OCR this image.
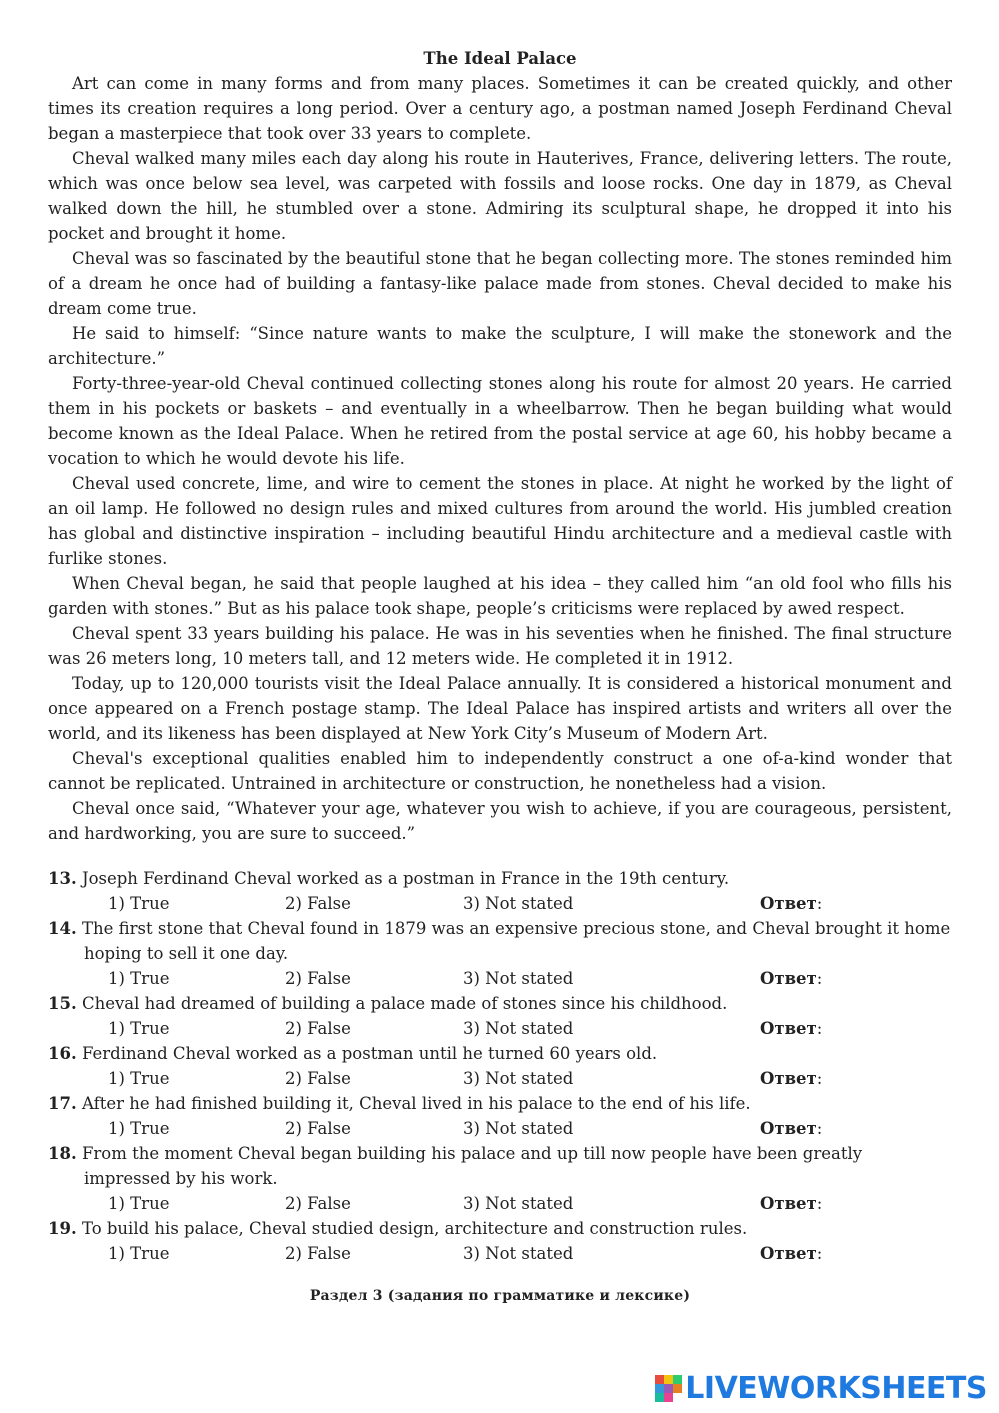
The Ideal Palace

Art can come in many forms and from many places. Sometimes it can be created quickly, and other times its creation requires a long period. Over a century ago, a postman named Joseph Ferdinand Cheval began a masterpiece that took over 33 years to complete.

Cheval walked many miles each day along his route in Hauterives, France, delivering letters. The route, which was once below sea level, was carpeted with fossils and loose rocks. One day in 1879, as Cheval walked down the hill, he stumbled over a stone. Admiring its sculptural shape, he dropped it into his pocket and brought it home.

Cheval was so fascinated by the beautiful stone that he began collecting more. The stones reminded him of a dream he once had of building a fantasy-like palace made from stones. Cheval decided to make his dream come true.

He said to himself: “Since nature wants to make the sculpture, I will make the stonework and the architecture.”

Forty-three-year-old Cheval continued collecting stones along his route for almost 20 years. He carried them in his pockets or baskets – and eventually in a wheelbarrow. Then he began building what would become known as the Ideal Palace. When he retired from the postal service at age 60, his hobby became a vocation to which he would devote his life.

Cheval used concrete, lime, and wire to cement the stones in place. At night he worked by the light of an oil lamp. He followed no design rules and mixed cultures from around the world. His jumbled creation has global and distinctive inspiration – including beautiful Hindu architecture and a medieval castle with furlike stones.

When Cheval began, he said that people laughed at his idea – they called him “an old fool who fills his garden with stones.” But as his palace took shape, people’s criticisms were replaced by awed respect.

Cheval spent 33 years building his palace. He was in his seventies when he finished. The final structure was 26 meters long, 10 meters tall, and 12 meters wide. He completed it in 1912.

Today, up to 120,000 tourists visit the Ideal Palace annually. It is considered a historical monument and once appeared on a French postage stamp. The Ideal Palace has inspired artists and writers all over the world, and its likeness has been displayed at New York City’s Museum of Modern Art.

Cheval's exceptional qualities enabled him to independently construct a one of-a-kind wonder that cannot be replicated. Untrained in architecture or construction, he nonetheless had a vision.

Cheval once said, “Whatever your age, whatever you wish to achieve, if you are courageous, persistent, and hardworking, you are sure to succeed.”

13. Joseph Ferdinand Cheval worked as a postman in France in the 19th century.

1) True	2) False	3) Not stated	Ответ:

14. The first stone that Cheval found in 1879 was an expensive precious stone, and Cheval brought it home hoping to sell it one day.

1) True	2) False	3) Not stated	Ответ:

15. Cheval had dreamed of building a palace made of stones since his childhood.

1) True	2) False	3) Not stated	Ответ:

16. Ferdinand Cheval worked as a postman until he turned 60 years old.

1) True	2) False	3) Not stated	Ответ:

17. After he had finished building it, Cheval lived in his palace to the end of his life.

1) True	2) False	3) Not stated	Ответ:

18. From the moment Cheval began building his palace and up till now people have been greatly impressed by his work.

1) True	2) False	3) Not stated	Ответ:

19. To build his palace, Cheval studied design, architecture and construction rules.

1) True	2) False	3) Not stated	Ответ:
Раздел 3 (задания по грамматике и лексике)
LIVEWORKSHEETS
